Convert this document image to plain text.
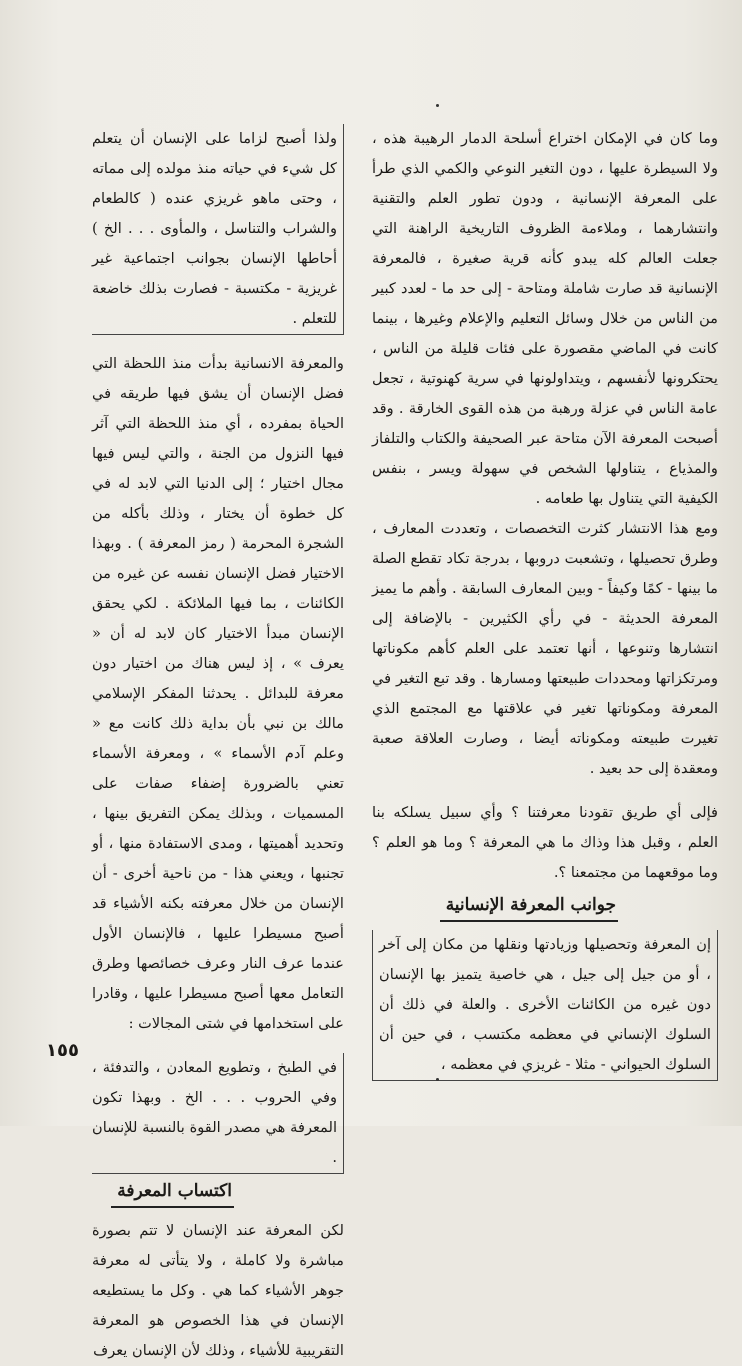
وما كان في الإمكان اختراع أسلحة الدمار الرهيبة هذه ، ولا السيطرة عليها ، دون التغير النوعي والكمي الذي طرأ على المعرفة الإنسانية ، ودون تطور العلم والتقنية وانتشارهما ، وملاءمة الظروف التاريخية الراهنة التي جعلت العالم كله يبدو كأنه قرية صغيرة ، فالمعرفة الإنسانية قد صارت شاملة ومتاحة - إلى حد ما - لعدد كبير من الناس من خلال وسائل التعليم والإعلام وغيرها ، بينما كانت في الماضي مقصورة على فئات قليلة من الناس ، يحتكرونها لأنفسهم ، ويتداولونها في سرية كهنوتية ، تجعل عامة الناس في عزلة ورهبة من هذه القوى الخارقة . وقد أصبحت المعرفة الآن متاحة عبر الصحيفة والكتاب والتلفاز والمذياع ، يتناولها الشخص في سهولة ويسر ، بنفس الكيفية التي يتناول بها طعامه .

ومع هذا الانتشار كثرت التخصصات ، وتعددت المعارف ، وطرق تحصيلها ، وتشعبت دروبها ، بدرجة تكاد تقطع الصلة ما بينها - كمًا وكيفاً - وبين المعارف السابقة . وأهم ما يميز المعرفة الحديثة - في رأي الكثيرين - بالإضافة إلى انتشارها وتنوعها ، أنها تعتمد على العلم كأهم مكوناتها ومرتكزاتها ومحددات طبيعتها ومسارها . وقد تبع التغير في المعرفة ومكوناتها تغير في علاقتها مع المجتمع الذي تغيرت طبيعته ومكوناته أيضا ، وصارت العلاقة صعبة ومعقدة إلى حد بعيد .

فإلى أي طريق تقودنا معرفتنا ؟ وأي سبيل يسلكه بنا العلم ، وقبل هذا وذاك ما هي المعرفة ؟ وما هو العلم ؟ وما موقعهما من مجتمعنا ؟.

جوانب المعرفة الإنسانية

إن المعرفة وتحصيلها وزيادتها ونقلها من مكان إلى آخر ، أو من جيل إلى جيل ، هي خاصية يتميز بها الإنسان دون غيره من الكائنات الأخرى . والعلة في ذلك أن السلوك الإنساني في معظمه مكتسب ، في حين أن السلوك الحيواني - مثلا - غريزي في معظمه ،

ولذا أصبح لزاما على الإنسان أن يتعلم كل شيء في حياته منذ مولده إلى مماته ، وحتى ماهو غريزي عنده ( كالطعام والشراب والتناسل ، والمأوى . . . الخ ) أحاطها الإنسان بجوانب اجتماعية غير غريزية - مكتسبة - فصارت بذلك خاضعة للتعلم .

والمعرفة الانسانية بدأت منذ اللحظة التي فضل الإنسان أن يشق فيها طريقه في الحياة بمفرده ، أي منذ اللحظة التي آثر فيها النزول من الجنة ، والتي ليس فيها مجال اختيار ؛ إلى الدنيا التي لابد له في كل خطوة أن يختار ، وذلك بأكله من الشجرة المحرمة ( رمز المعرفة ) . وبهذا الاختيار فضل الإنسان نفسه عن غيره من الكائنات ، بما فيها الملائكة . لكي يحقق الإنسان مبدأ الاختيار كان لابد له أن « يعرف » ، إذ ليس هناك من اختيار دون معرفة للبدائل . يحدثنا المفكر الإسلامي مالك بن نبي بأن بداية ذلك كانت مع « وعلم آدم الأسماء » ، ومعرفة الأسماء تعني بالضرورة إضفاء صفات على المسميات ، وبذلك يمكن التفريق بينها ، وتحديد أهميتها ، ومدى الاستفادة منها ، أو تجنبها ، ويعني هذا - من ناحية أخرى - أن الإنسان من خلال معرفته بكنه الأشياء قد أصبح مسيطرا عليها ، فالإنسان الأول عندما عرف النار وعرف خصائصها وطرق التعامل معها أصبح مسيطرا عليها ، وقادرا على استخدامها في شتى المجالات :

في الطبخ ، وتطويع المعادن ، والتدفئة ، وفي الحروب . . . الخ . وبهذا تكون المعرفة هي مصدر القوة بالنسبة للإنسان .

اكتساب المعرفة

لكن المعرفة عند الإنسان لا تتم بصورة مباشرة ولا كاملة ، ولا يتأتى له معرفة جوهر الأشياء كما هي . وكل ما يستطيعه الإنسان في هذا الخصوص هو المعرفة التقريبية للأشياء ، وذلك لأن الإنسان يعرف

١٥٥
